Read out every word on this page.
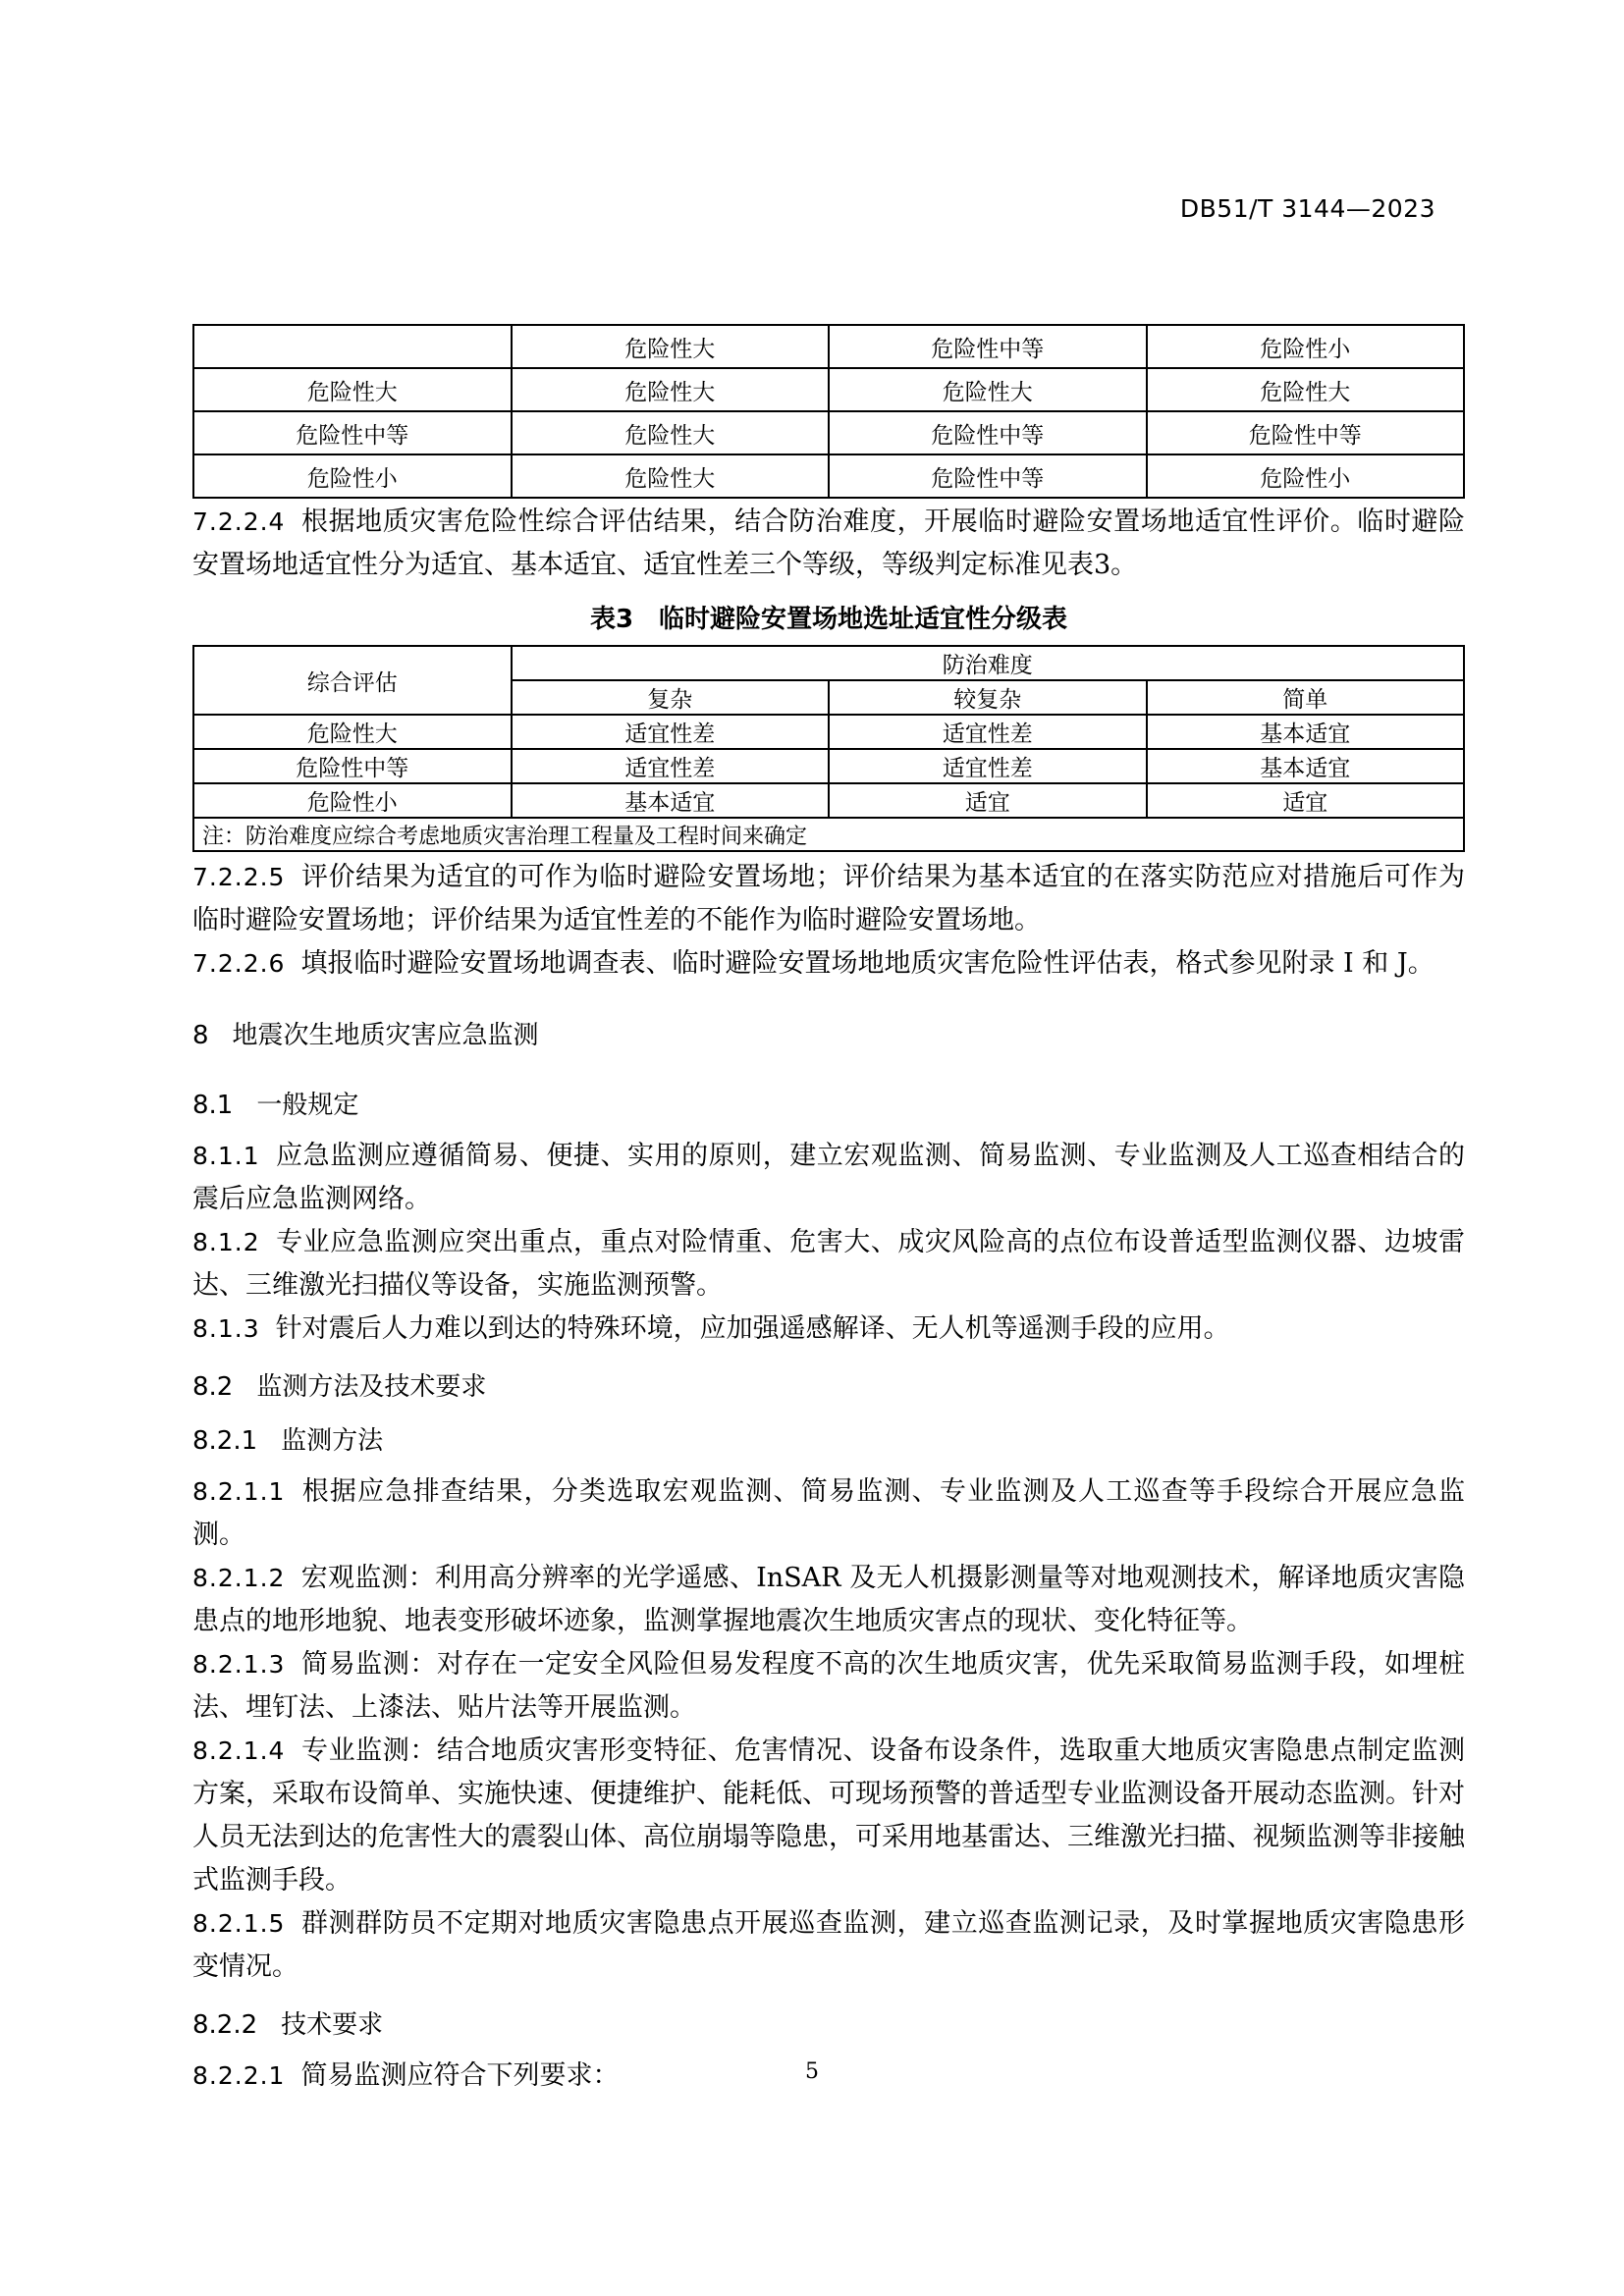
DB51/T 3144—2023
	危险性大	危险性中等	危险性小
危险性大	危险性大	危险性大	危险性大
危险性中等	危险性大	危险性中等	危险性中等
危险性小	危险性大	危险性中等	危险性小

7.2.2.4 根据地质灾害危险性综合评估结果，结合防治难度，开展临时避险安置场地适宜性评价。临时避险安置场地适宜性分为适宜、基本适宜、适宜性差三个等级，等级判定标准见表3。

表3　临时避险安置场地选址适宜性分级表
综合评估	防治难度		
	复杂	较复杂	简单
危险性大	适宜性差	适宜性差	基本适宜
危险性中等	适宜性差	适宜性差	基本适宜
危险性小	基本适宜	适宜	适宜
注：防治难度应综合考虑地质灾害治理工程量及工程时间来确定			

7.2.2.5 评价结果为适宜的可作为临时避险安置场地；评价结果为基本适宜的在落实防范应对措施后可作为临时避险安置场地；评价结果为适宜性差的不能作为临时避险安置场地。

7.2.2.6 填报临时避险安置场地调查表、临时避险安置场地地质灾害危险性评估表，格式参见附录 I 和 J。

8 地震次生地质灾害应急监测

8.1 一般规定

8.1.1 应急监测应遵循简易、便捷、实用的原则，建立宏观监测、简易监测、专业监测及人工巡查相结合的震后应急监测网络。

8.1.2 专业应急监测应突出重点，重点对险情重、危害大、成灾风险高的点位布设普适型监测仪器、边坡雷达、三维激光扫描仪等设备，实施监测预警。

8.1.3 针对震后人力难以到达的特殊环境，应加强遥感解译、无人机等遥测手段的应用。

8.2 监测方法及技术要求

8.2.1 监测方法

8.2.1.1 根据应急排查结果，分类选取宏观监测、简易监测、专业监测及人工巡查等手段综合开展应急监测。

8.2.1.2 宏观监测：利用高分辨率的光学遥感、InSAR 及无人机摄影测量等对地观测技术，解译地质灾害隐患点的地形地貌、地表变形破坏迹象，监测掌握地震次生地质灾害点的现状、变化特征等。

8.2.1.3 简易监测：对存在一定安全风险但易发程度不高的次生地质灾害，优先采取简易监测手段，如埋桩法、埋钉法、上漆法、贴片法等开展监测。

8.2.1.4 专业监测：结合地质灾害形变特征、危害情况、设备布设条件，选取重大地质灾害隐患点制定监测方案，采取布设简单、实施快速、便捷维护、能耗低、可现场预警的普适型专业监测设备开展动态监测。针对人员无法到达的危害性大的震裂山体、高位崩塌等隐患，可采用地基雷达、三维激光扫描、视频监测等非接触式监测手段。

8.2.1.5 群测群防员不定期对地质灾害隐患点开展巡查监测，建立巡查监测记录，及时掌握地质灾害隐患形变情况。

8.2.2 技术要求

8.2.2.1 简易监测应符合下列要求：	5
